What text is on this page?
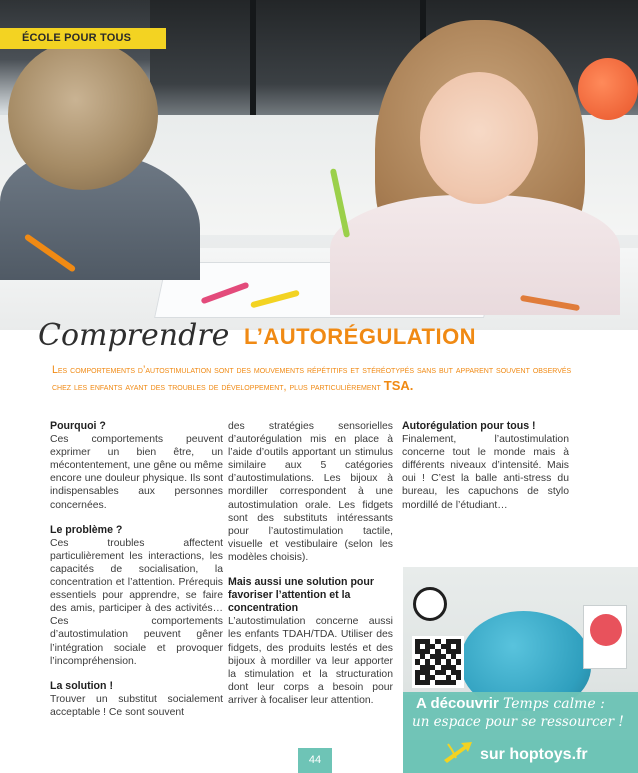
ÉCOLE POUR TOUS
Comprendre L’AUTORÉGULATION
Les comportements d’autostimulation sont des mouvements répétitifs et stéréotypés sans but apparent souvent observés chez les enfants ayant des troubles de développement, plus particulièrement TSA.
Pourquoi ?

Ces comportements peuvent exprimer un bien être, un mécontentement, une gêne ou même encore une douleur physique. Ils sont indispensables aux personnes concernées.

Le problème ?

Ces troubles affectent particulièrement les interactions, les capacités de socialisation, la concentration et l’attention. Prérequis essentiels pour apprendre, se faire des amis, participer à des activités… Ces comportements d’autostimulation peuvent gêner l’intégration sociale et provoquer l’incompréhension.

La solution !

Trouver un substitut socialement acceptable ! Ce sont souvent

des stratégies sensorielles d’autorégulation mis en place à l’aide d’outils apportant un stimulus similaire aux 5 catégories d’autostimulations. Les bijoux à mordiller correspondent à une autostimulation orale. Les fidgets sont des substituts intéressants pour l’autostimulation tactile, visuelle et vestibulaire (selon les modèles choisis).

Mais aussi une solution pour favoriser l’attention et la concentration

L’autostimulation concerne aussi les enfants TDAH/TDA. Utiliser des fidgets, des produits lestés et des bijoux à mordiller va leur apporter la stimulation et la structuration dont leur corps a besoin pour arriver à focaliser leur attention.

Autorégulation pour tous !

Finalement, l’autostimulation concerne tout le monde mais à différents niveaux d’intensité. Mais oui ! C’est la balle anti-stress du bureau, les capuchons de stylo mordillé de l’étudiant…

A découvrir Temps calme :
un espace pour se ressourcer !
sur hoptoys.fr
44
